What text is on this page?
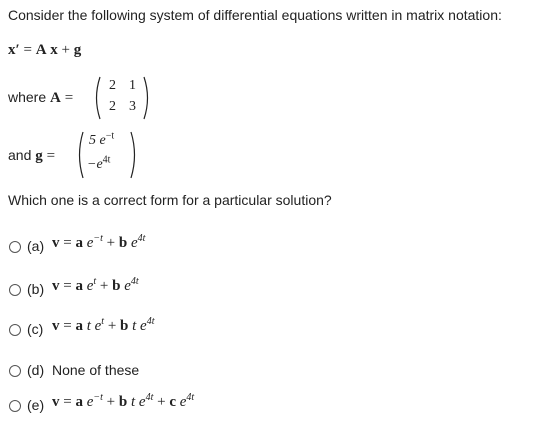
Consider the following system of differential equations written in matrix notation:
x′ = A x + g
where A =
2 1
2 3
and g =
5 $e^{-t}$
$-e^{4t}$
Which one is a correct form for a particular solution?
(a) v = a $e^{-t} + b$ $e^{4t}$
(b) v = a $e^t + b$ $e^{4t}$
(c) v = a t $e^t + b$ t $e^{4t}$
(d) None of these
(e) v = a $e^{-t} + b$ t $e^{4t} + c$ $e^{4t}$
